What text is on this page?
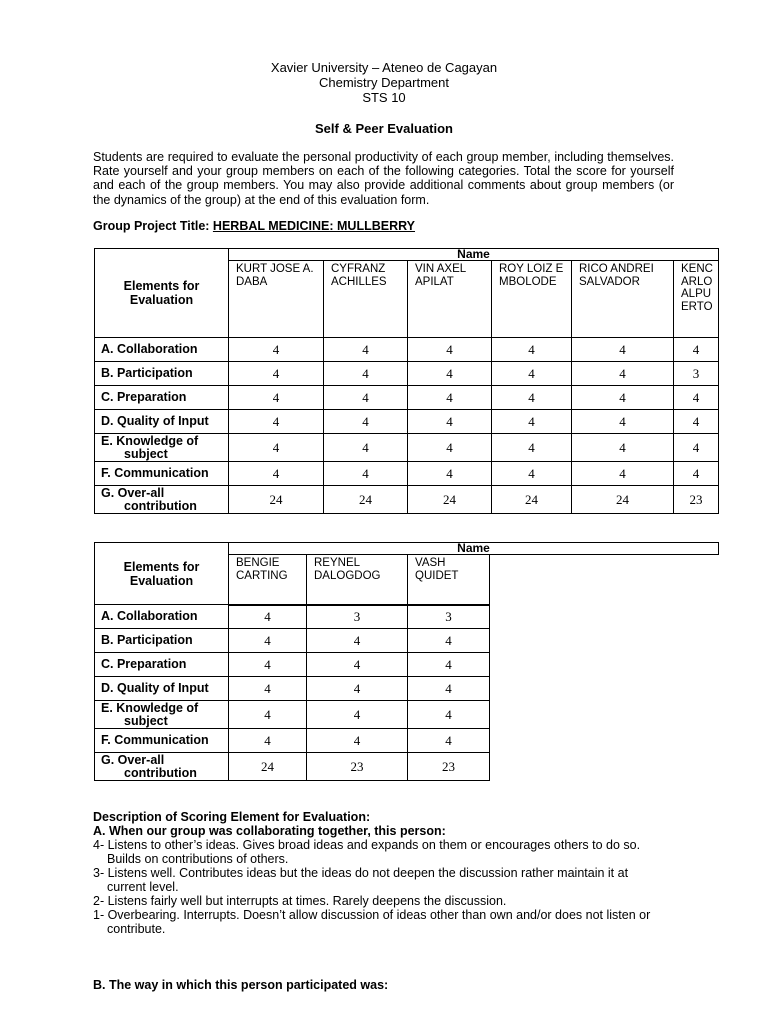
Xavier University – Ateneo de Cagayan
Chemistry Department
STS 10
Self & Peer Evaluation
Students are required to evaluate the personal productivity of each group member, including themselves. Rate yourself and your group members on each of the following categories. Total the score for yourself and each of the group members. You may also provide additional comments about group members (or the dynamics of the group) at the end of this evaluation form.
Group Project Title: HERBAL MEDICINE: MULLBERRY
Elements for Evaluation	Name					
	KURT JOSE A. DABA	CYFRANZ ACHILLES	VIN AXEL APILAT	ROY LOIZ EMBOLODE	RICO ANDREI SALVADOR	KENCARLO ALPUERTO
A. Collaboration	4	4	4	4	4	4
B. Participation	4	4	4	4	4	3
C. Preparation	4	4	4	4	4	4
D. Quality of Input	4	4	4	4	4	4
E. Knowledge of
subject	4	4	4	4	4	4
F. Communication	4	4	4	4	4	4
G. Over-all
contribution	24	24	24	24	24	23
Elements for Evaluation	Name			
	BENGIE CARTING	REYNEL DALOGDOG	VASH QUIDET	
A. Collaboration	4	3	3	
B. Participation	4	4	4	
C. Preparation	4	4	4	
D. Quality of Input	4	4	4	
E. Knowledge of
subject	4	4	4	
F. Communication	4	4	4	
G. Over-all
contribution	24	23	23	
Description of Scoring Element for Evaluation:
A. When our group was collaborating together, this person:
4- Listens to other’s ideas. Gives broad ideas and expands on them or encourages others to do so.
Builds on contributions of others.
3- Listens well. Contributes ideas but the ideas do not deepen the discussion rather maintain it at
current level.
2- Listens fairly well but interrupts at times. Rarely deepens the discussion.
1- Overbearing. Interrupts. Doesn’t allow discussion of ideas other than own and/or does not listen or
contribute.
B. The way in which this person participated was:
